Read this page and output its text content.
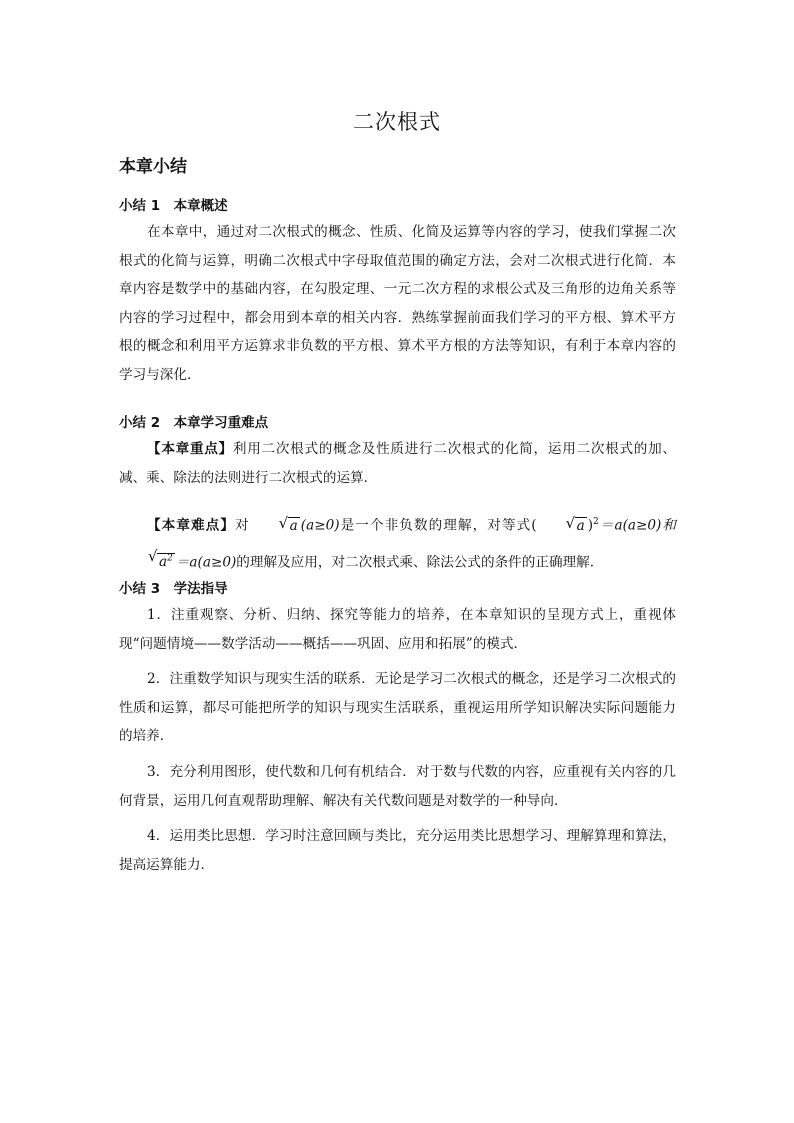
二次根式
本章小结
小结 1　本章概述
在本章中，通过对二次根式的概念、性质、化简及运算等内容的学习，使我们掌握二次根式的化简与运算，明确二次根式中字母取值范围的确定方法，会对二次根式进行化简．本章内容是数学中的基础内容，在勾股定理、一元二次方程的求根公式及三角形的边角关系等内容的学习过程中，都会用到本章的相关内容．熟练掌握前面我们学习的平方根、算术平方根的概念和利用平方运算求非负数的平方根、算术平方根的方法等知识，有利于本章内容的学习与深化．
小结 2　本章学习重难点
【本章重点】利用二次根式的概念及性质进行二次根式的化简，运用二次根式的加、减、乘、除法的法则进行二次根式的运算．
【本章难点】对	√ a (a≥0)是一个非负数的理解，对等式(	√ a )$^2$＝a(a≥0)和
√ $a^2 =a(a\ge 0)$的理解及应用，对二次根式乘、除法公式的条件的正确理解．
小结 3　学法指导
1．注重观察、分析、归纳、探究等能力的培养，在本章知识的呈现方式上，重视体现“问题情境——数学活动——概括——巩固、应用和拓展”的模式．
2．注重数学知识与现实生活的联系．无论是学习二次根式的概念，还是学习二次根式的性质和运算，都尽可能把所学的知识与现实生活联系，重视运用所学知识解决实际问题能力的培养．
3．充分利用图形，使代数和几何有机结合．对于数与代数的内容，应重视有关内容的几何背景，运用几何直观帮助理解、解决有关代数问题是对数学的一种导向．
4．运用类比思想．学习时注意回顾与类比，充分运用类比思想学习、理解算理和算法，提高运算能力．
